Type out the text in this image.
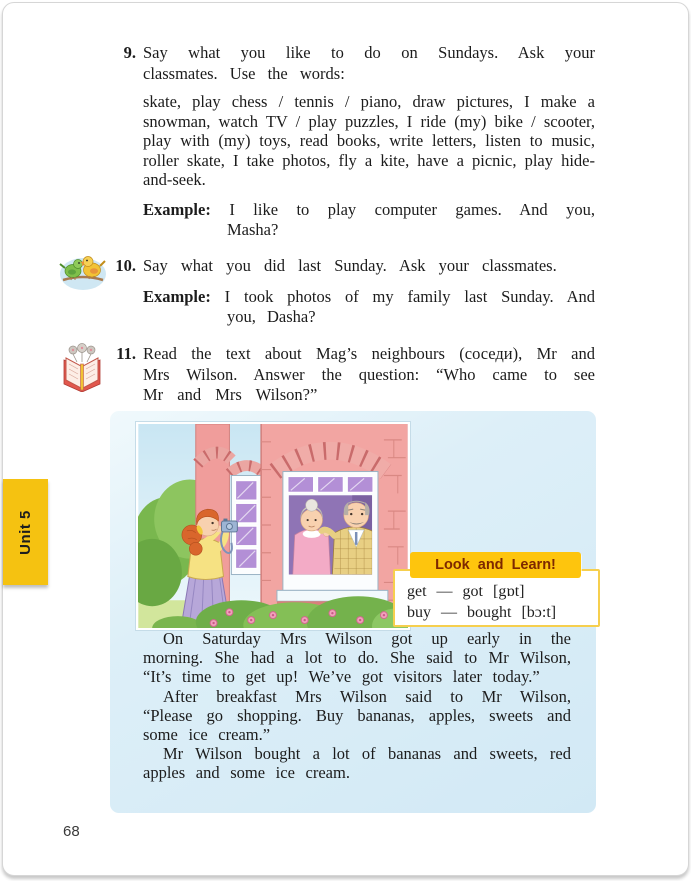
9. Say what you like to do on Sundays. Ask your classmates. Use the words:

skate, play chess / tennis / piano, draw pictures, I make a snowman, watch TV / play puzzles, I ride (my) bike / scooter, play with (my) toys, read books, write letters, listen to music, roller skate, I take photos, fly a kite, have a picnic, play hide-and-seek.

Example: I like to play computer games. And you, Masha?

10. Say what you did last Sunday. Ask your classmates.

Example: I took photos of my family last Sunday. And you, Dasha?

11. Read the text about Mag’s neighbours (соседи), Mr and Mrs Wilson. Answer the question: “Who came to see Mr and Mrs Wilson?”

Look and Learn!
get — got [gɒt]
buy — bought [bɔ:t]

On Saturday Mrs Wilson got up early in the morning. She had a lot to do. She said to Mr Wilson, “It’s time to get up! We’ve got visitors later today.”

After breakfast Mrs Wilson said to Mr Wilson, “Please go shopping. Buy bananas, apples, sweets and some ice cream.”

Mr Wilson bought a lot of bananas and sweets, red apples and some ice cream.

68
Unit 5
